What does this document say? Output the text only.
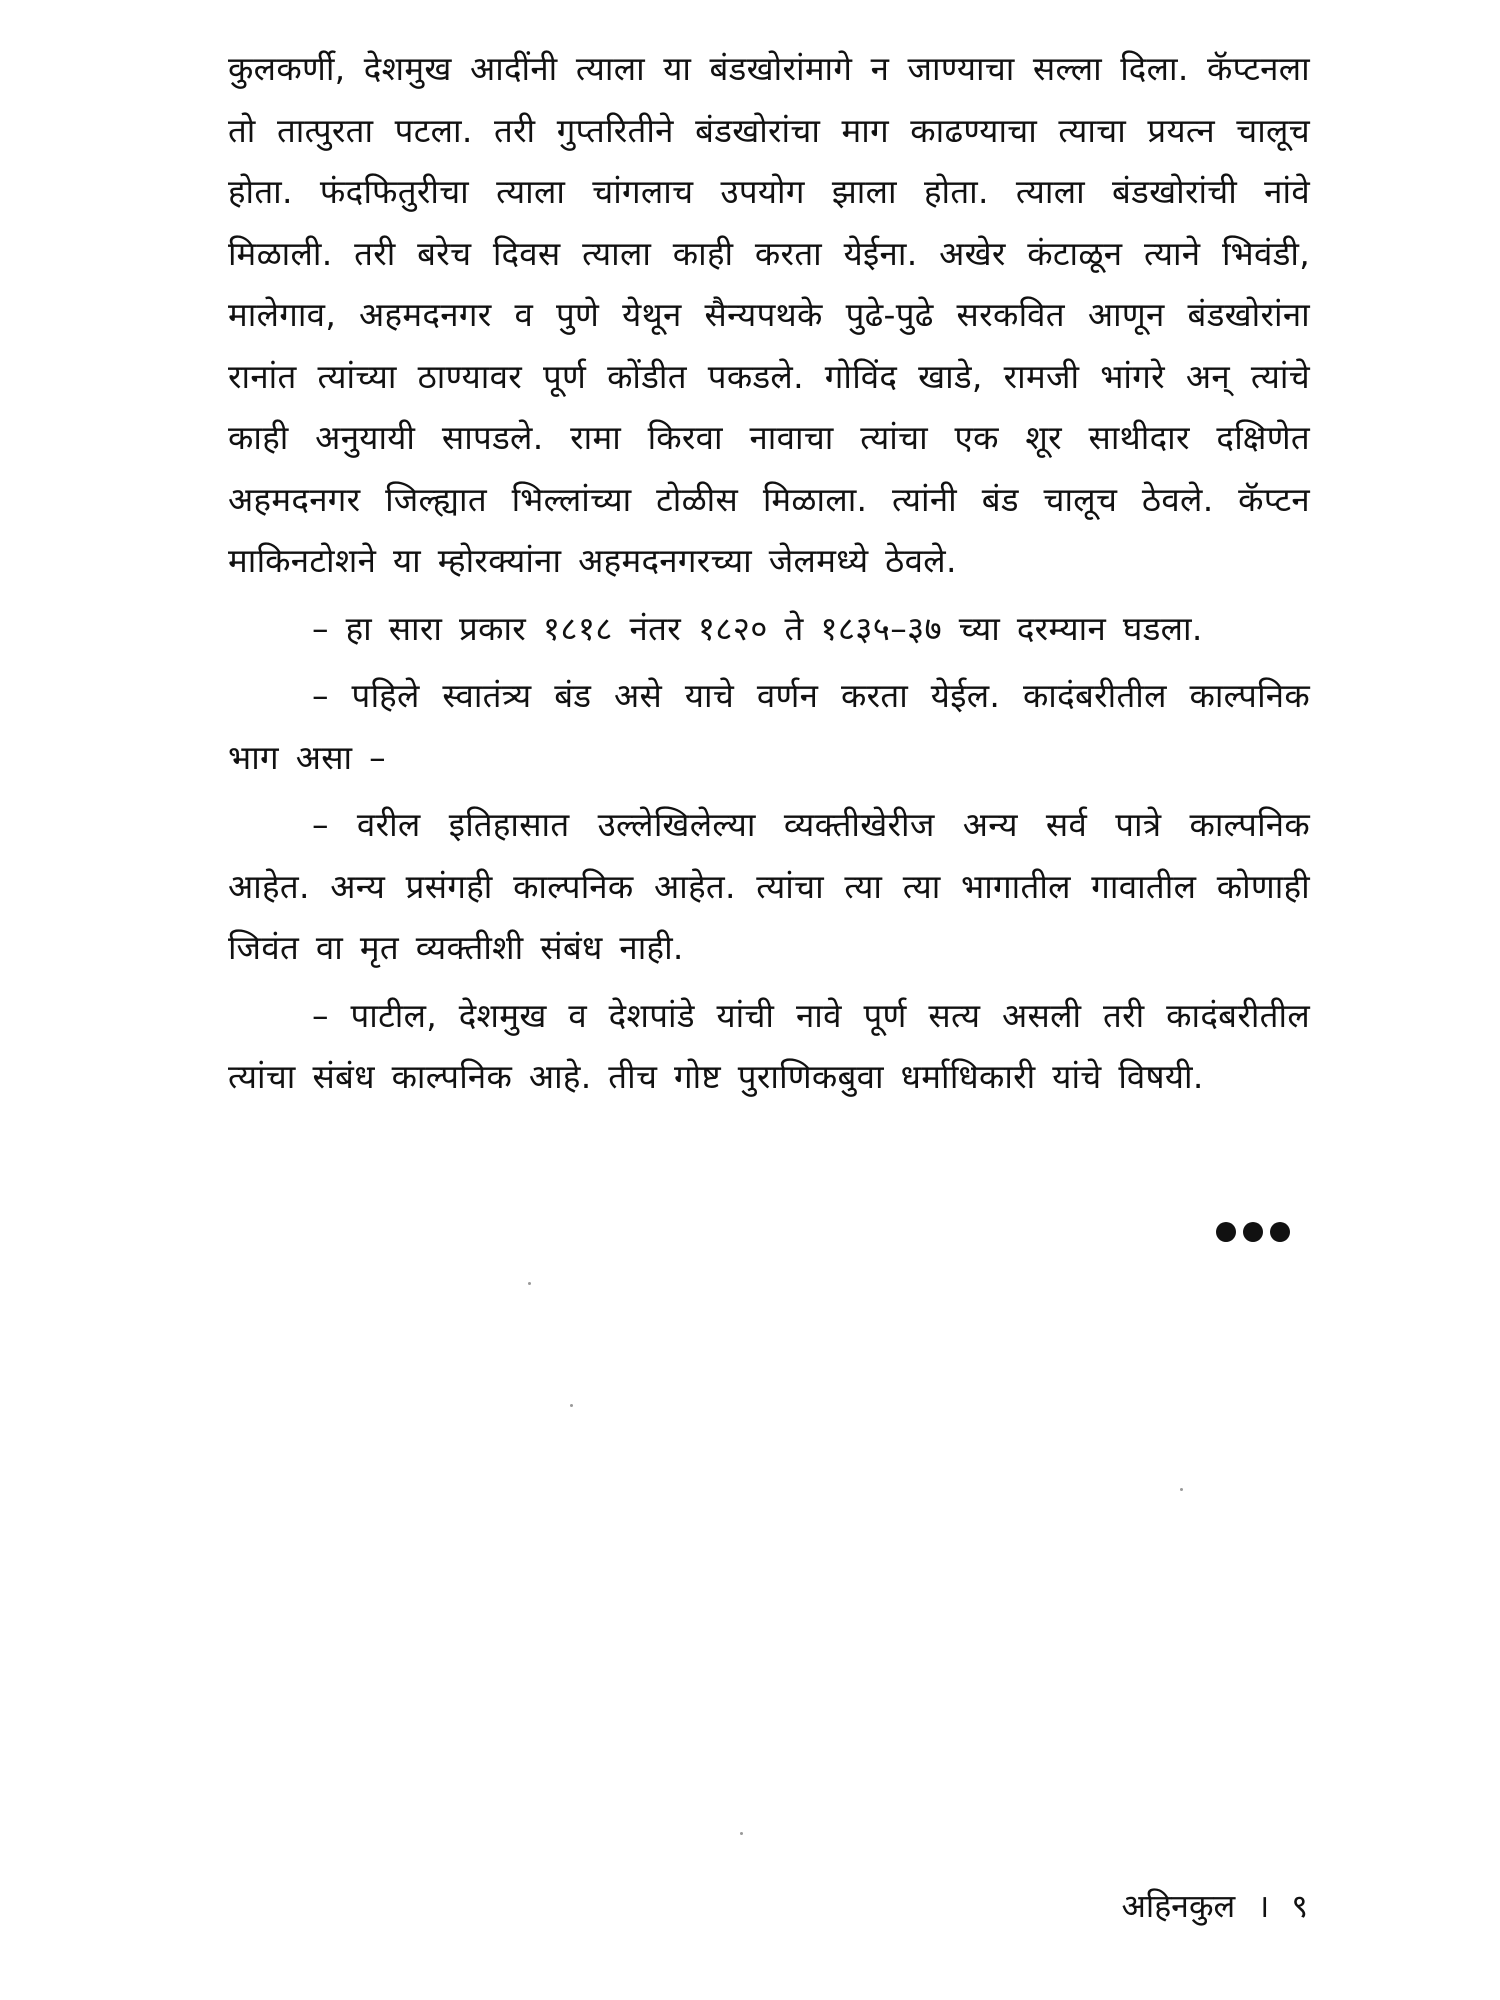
कुलकर्णी, देशमुख आदींनी त्याला या बंडखोरांमागे न जाण्याचा सल्ला दिला. कॅप्टनला तो तात्पुरता पटला. तरी गुप्तरितीने बंडखोरांचा माग काढण्याचा त्याचा प्रयत्न चालूच होता. फंदफितुरीचा त्याला चांगलाच उपयोग झाला होता. त्याला बंडखोरांची नांवे मिळाली. तरी बरेच दिवस त्याला काही करता येईना. अखेर कंटाळून त्याने भिवंडी, मालेगाव, अहमदनगर व पुणे येथून सैन्यपथके पुढे-पुढे सरकवित आणून बंडखोरांना रानांत त्यांच्या ठाण्यावर पूर्ण कोंडीत पकडले. गोविंद खाडे, रामजी भांगरे अन् त्यांचे काही अनुयायी सापडले. रामा किरवा नावाचा त्यांचा एक शूर साथीदार दक्षिणेत अहमदनगर जिल्ह्यात भिल्लांच्या टोळीस मिळाला. त्यांनी बंड चालूच ठेवले. कॅप्टन माकिनटोशने या म्होरक्यांना अहमदनगरच्या जेलमध्ये ठेवले.

– हा सारा प्रकार १८१८ नंतर १८२० ते १८३५–३७ च्या दरम्यान घडला.

– पहिले स्वातंत्र्य बंड असे याचे वर्णन करता येईल. कादंबरीतील काल्पनिक भाग असा –

– वरील इतिहासात उल्लेखिलेल्या व्यक्तीखेरीज अन्य सर्व पात्रे काल्पनिक आहेत. अन्य प्रसंगही काल्पनिक आहेत. त्यांचा त्या त्या भागातील गावातील कोणाही जिवंत वा मृत व्यक्तीशी संबंध नाही.

– पाटील, देशमुख व देशपांडे यांची नावे पूर्ण सत्य असली तरी कादंबरीतील त्यांचा संबंध काल्पनिक आहे. तीच गोष्ट पुराणिकबुवा धर्माधिकारी यांचे विषयी.

अहिनकुल । ९
